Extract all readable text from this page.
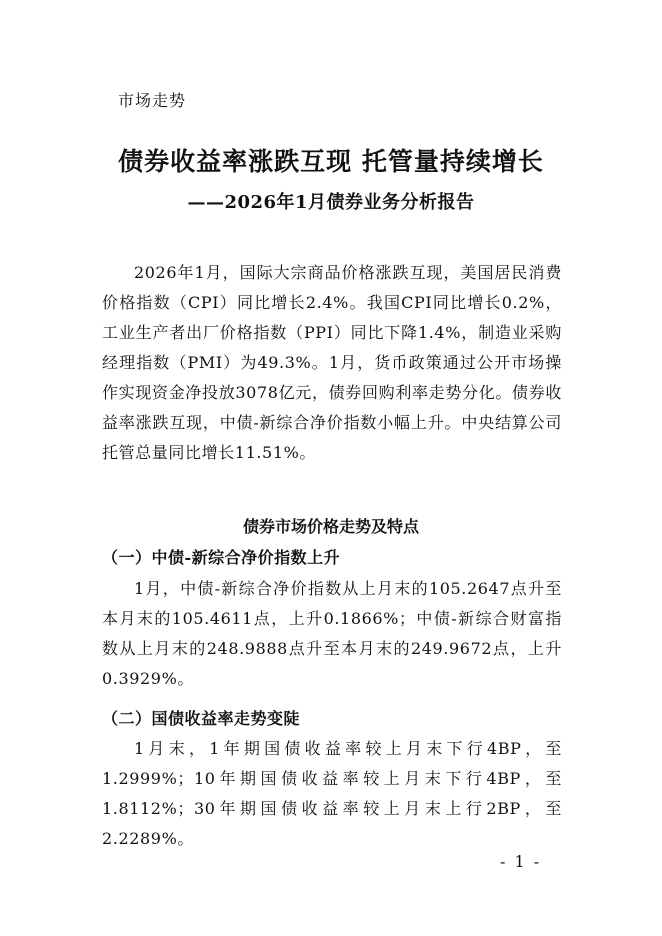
市场走势
债券收益率涨跌互现 托管量持续增长
——2026年1月债券业务分析报告

2026年1月，国际大宗商品价格涨跌互现，美国居民消费价格指数（CPI）同比增长2.4%。我国CPI同比增长0.2%，工业生产者出厂价格指数（PPI）同比下降1.4%，制造业采购经理指数（PMI）为49.3%。1月，货币政策通过公开市场操作实现资金净投放3078亿元，债券回购利率走势分化。债券收益率涨跌互现，中债-新综合净价指数小幅上升。中央结算公司托管总量同比增长11.51%。

债券市场价格走势及特点
（一）中债-新综合净价指数上升

1月，中债-新综合净价指数从上月末的105.2647点升至本月末的105.4611点，上升0.1866%；中债-新综合财富指数从上月末的248.9888点升至本月末的249.9672点，上升0.3929%。

（二）国债收益率走势变陡

1月末，1年期国债收益率较上月末下行4BP，至1.2999%；10年期国债收益率较上月末下行4BP，至1.8112%；30年期国债收益率较上月末上行2BP，至2.2289%。

- 1 -
